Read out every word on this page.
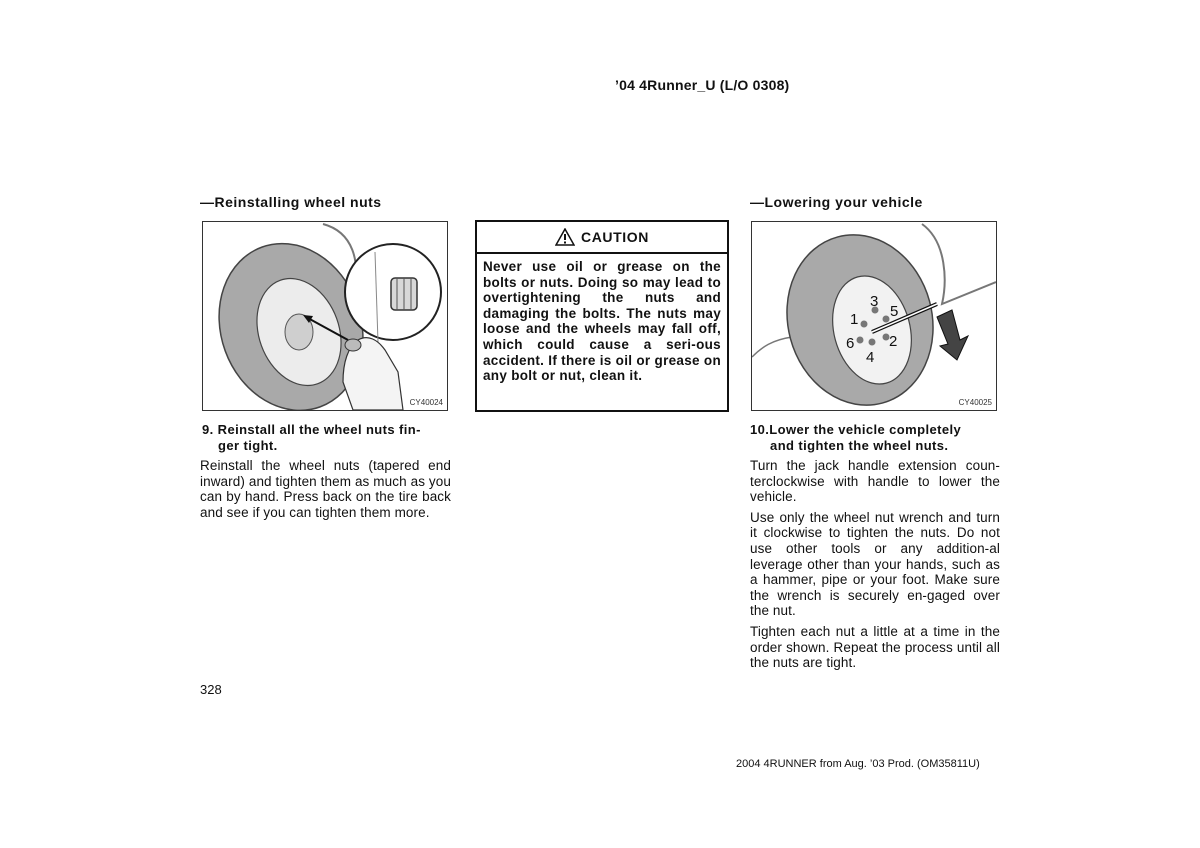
’04 4Runner_U (L/O 0308)
—Reinstalling wheel nuts
CY40024
9. Reinstall all the wheel nuts fin-
ger tight.

Reinstall the wheel nuts (tapered end inward) and tighten them as much as you can by hand. Press back on the tire back and see if you can tighten them more.

CAUTION
Never use oil or grease on the bolts or nuts. Doing so may lead to overtightening the nuts and damaging the bolts. The nuts may loose and the wheels may fall off, which could cause a seri-ous accident. If there is oil or grease on any bolt or nut, clean it.
—Lowering your vehicle
1
2
3
4
5
6
CY40025
10.Lower the vehicle completely
and tighten the wheel nuts.

Turn the jack handle extension coun-terclockwise with handle to lower the vehicle.

Use only the wheel nut wrench and turn it clockwise to tighten the nuts. Do not use other tools or any addition-al leverage other than your hands, such as a hammer, pipe or your foot. Make sure the wrench is securely en-gaged over the nut.

Tighten each nut a little at a time in the order shown. Repeat the process until all the nuts are tight.

328
2004 4RUNNER from Aug. ’03 Prod. (OM35811U)
